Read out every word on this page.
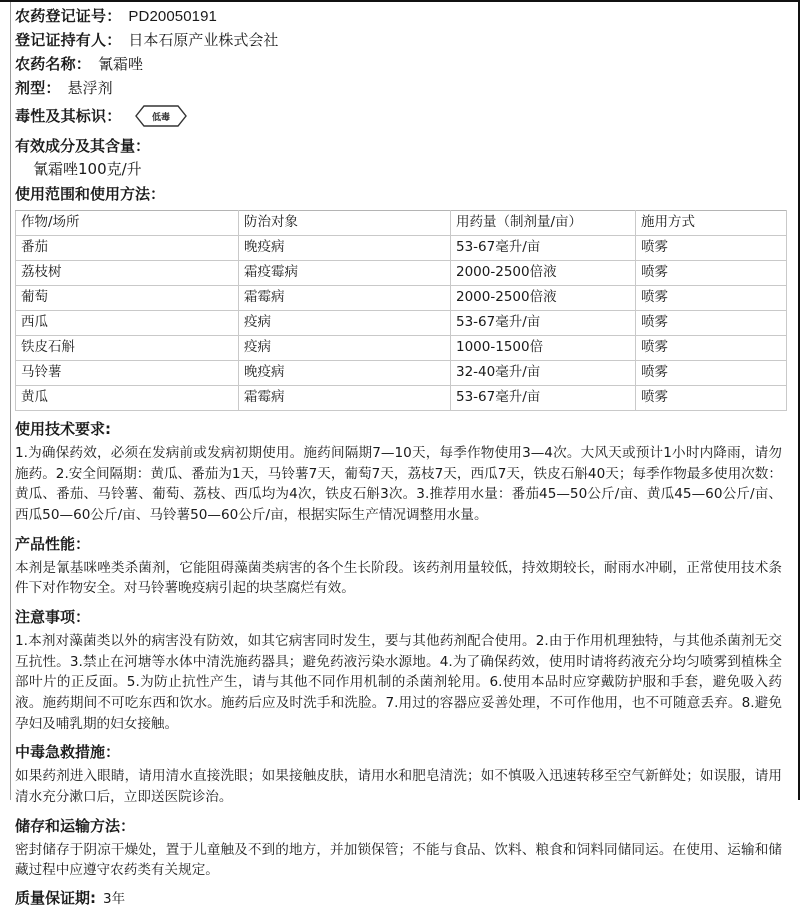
农药登记证号： PD20050191
登记证持有人： 日本石原产业株式会社
农药名称： 氰霜唑
剂型： 悬浮剂
毒性及其标识：	低毒
有效成分及其含量：
氰霜唑100克/升
使用范围和使用方法：
作物/场所	防治对象	用药量（制剂量/亩）	施用方式
番茄	晚疫病	53-67毫升/亩	喷雾
荔枝树	霜疫霉病	2000-2500倍液	喷雾
葡萄	霜霉病	2000-2500倍液	喷雾
西瓜	疫病	53-67毫升/亩	喷雾
铁皮石斛	疫病	1000-1500倍	喷雾
马铃薯	晚疫病	32-40毫升/亩	喷雾
黄瓜	霜霉病	53-67毫升/亩	喷雾
使用技术要求:

1.为确保药效，必须在发病前或发病初期使用。施药间隔期7—10天，每季作物使用3—4次。大风天或预计1小时内降雨，请勿施药。2.安全间隔期：黄瓜、番茄为1天，马铃薯7天，葡萄7天，荔枝7天，西瓜7天，铁皮石斛40天；每季作物最多使用次数：黄瓜、番茄、马铃薯、葡萄、荔枝、西瓜均为4次，铁皮石斛3次。3.推荐用水量：番茄45—50公斤/亩、黄瓜45—60公斤/亩、西瓜50—60公斤/亩、马铃薯50—60公斤/亩，根据实际生产情况调整用水量。

产品性能：

本剂是氰基咪唑类杀菌剂，它能阻碍藻菌类病害的各个生长阶段。该药剂用量较低，持效期较长，耐雨水冲刷，正常使用技术条件下对作物安全。对马铃薯晚疫病引起的块茎腐烂有效。

注意事项：

1.本剂对藻菌类以外的病害没有防效，如其它病害同时发生，要与其他药剂配合使用。2.由于作用机理独特，与其他杀菌剂无交互抗性。3.禁止在河塘等水体中清洗施药器具；避免药液污染水源地。4.为了确保药效，使用时请将药液充分均匀喷雾到植株全部叶片的正反面。5.为防止抗性产生，请与其他不同作用机制的杀菌剂轮用。6.使用本品时应穿戴防护服和手套，避免吸入药液。施药期间不可吃东西和饮水。施药后应及时洗手和洗脸。7.用过的容器应妥善处理，不可作他用，也不可随意丢弃。8.避免孕妇及哺乳期的妇女接触。

中毒急救措施：

如果药剂进入眼睛，请用清水直接洗眼；如果接触皮肤，请用水和肥皂清洗；如不慎吸入迅速转移至空气新鲜处；如误服，请用清水充分漱口后，立即送医院诊治。

储存和运输方法：

密封储存于阴凉干燥处，置于儿童触及不到的地方，并加锁保管；不能与食品、饮料、粮食和饲料同储同运。在使用、运输和储藏过程中应遵守农药类有关规定。

质量保证期: 3年
